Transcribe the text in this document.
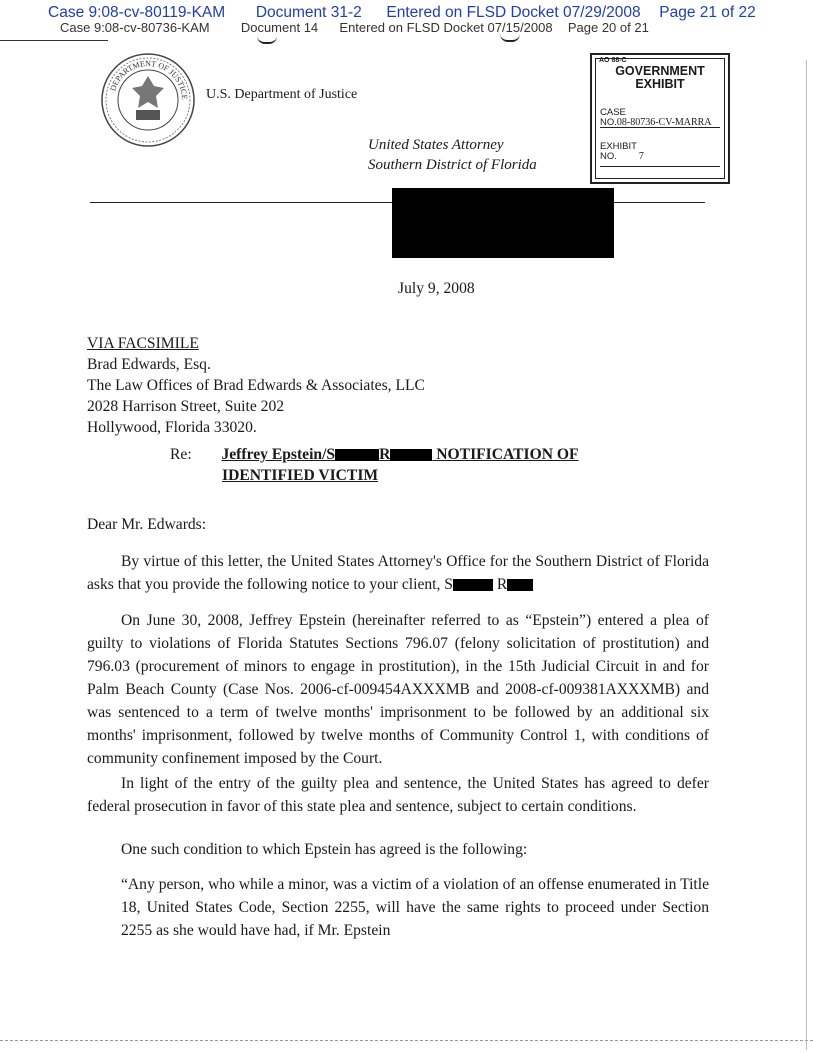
Case 9:08-cv-80119-KAM Document 31-2 Entered on FLSD Docket 07/29/2008 Page 21 of 22
Case 9:08-cv-80736-KAM Document 14 Entered on FLSD Docket 07/15/2008 Page 20 of 21
DEPARTMENT OF JUSTICE U.S. Department of Justice
United States Attorney
Southern District of Florida
AO 88-C
GOVERNMENT
EXHIBIT
CASE
NO.08-80736-CV-MARRA
EXHIBIT
NO. 7
July 9, 2008
VIA FACSIMILE
Brad Edwards, Esq.
The Law Offices of Brad Edwards & Associates, LLC
2028 Harrison Street, Suite 202
Hollywood, Florida 33020.
Re: Jeffrey Epstein/S	R	NOTIFICATION OF
IDENTIFIED VICTIM
Dear Mr. Edwards:
By virtue of this letter, the United States Attorney's Office for the Southern District of Florida asks that you provide the following notice to your client, S	R
On June 30, 2008, Jeffrey Epstein (hereinafter referred to as “Epstein”) entered a plea of guilty to violations of Florida Statutes Sections 796.07 (felony solicitation of prostitution) and 796.03 (procurement of minors to engage in prostitution), in the 15th Judicial Circuit in and for Palm Beach County (Case Nos. 2006-cf-009454AXXXMB and 2008-cf-009381AXXXMB) and was sentenced to a term of twelve months' imprisonment to be followed by an additional six months' imprisonment, followed by twelve months of Community Control 1, with conditions of community confinement imposed by the Court.
In light of the entry of the guilty plea and sentence, the United States has agreed to defer federal prosecution in favor of this state plea and sentence, subject to certain conditions.
One such condition to which Epstein has agreed is the following:
“Any person, who while a minor, was a victim of a violation of an offense enumerated in Title 18, United States Code, Section 2255, will have the same rights to proceed under Section 2255 as she would have had, if Mr. Epstein
